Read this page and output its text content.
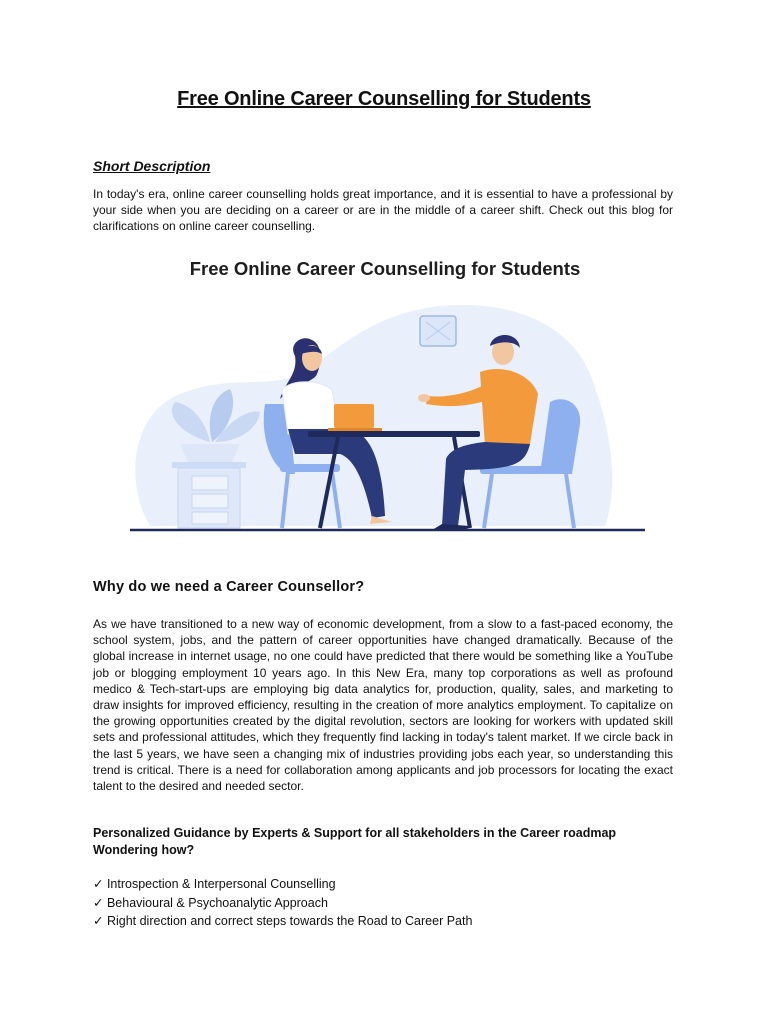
Free Online Career Counselling for Students

Short Description

In today's era, online career counselling holds great importance, and it is essential to have a professional by your side when you are deciding on a career or are in the middle of a career shift. Check out this blog for clarifications on online career counselling.

Free Online Career Counselling for Students

Why do we need a Career Counsellor?

As we have transitioned to a new way of economic development, from a slow to a fast-paced economy, the school system, jobs, and the pattern of career opportunities have changed dramatically. Because of the global increase in internet usage, no one could have predicted that there would be something like a YouTube job or blogging employment 10 years ago. In this New Era, many top corporations as well as profound medico & Tech-start-ups are employing big data analytics for, production, quality, sales, and marketing to draw insights for improved efficiency, resulting in the creation of more analytics employment. To capitalize on the growing opportunities created by the digital revolution, sectors are looking for workers with updated skill sets and professional attitudes, which they frequently find lacking in today's talent market. If we circle back in the last 5 years, we have seen a changing mix of industries providing jobs each year, so understanding this trend is critical. There is a need for collaboration among applicants and job processors for locating the exact talent to the desired and needed sector.

Personalized Guidance by Experts & Support for all stakeholders in the Career roadmap
Wondering how?
✓ Introspection & Interpersonal Counselling
✓ Behavioural & Psychoanalytic Approach
✓ Right direction and correct steps towards the Road to Career Path
